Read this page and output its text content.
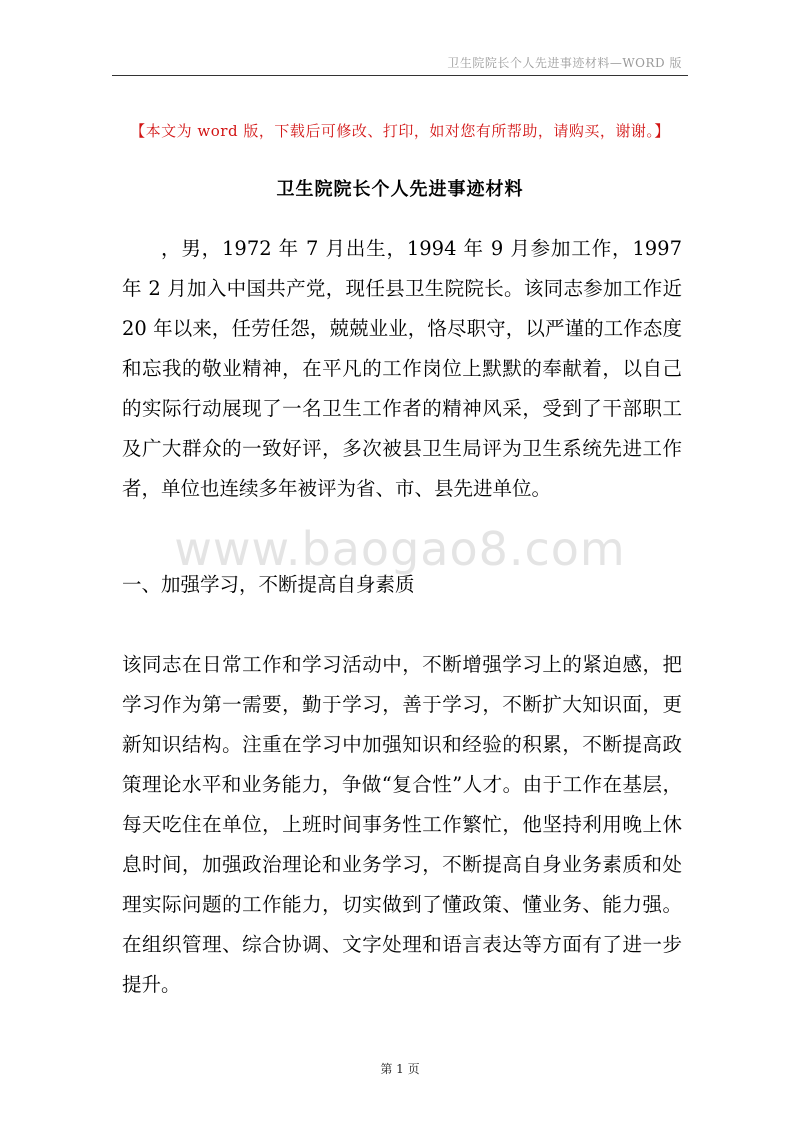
卫生院院长个人先进事迹材料—WORD 版
【本文为 word 版，下载后可修改、打印，如对您有所帮助，请购买，谢谢。】
卫生院院长个人先进事迹材料

，男，1972 年 7 月出生，1994 年 9 月参加工作，1997 年 2 月加入中国共产党，现任县卫生院院长。该同志参加工作近 20 年以来，任劳任怨，兢兢业业，恪尽职守，以严谨的工作态度和忘我的敬业精神，在平凡的工作岗位上默默的奉献着，以自己的实际行动展现了一名卫生工作者的精神风采，受到了干部职工及广大群众的一致好评，多次被县卫生局评为卫生系统先进工作者，单位也连续多年被评为省、市、县先进单位。

www.baogao8.com

一、加强学习，不断提高自身素质

该同志在日常工作和学习活动中，不断增强学习上的紧迫感，把学习作为第一需要，勤于学习，善于学习，不断扩大知识面，更新知识结构。注重在学习中加强知识和经验的积累，不断提高政策理论水平和业务能力，争做“复合性”人才。由于工作在基层，每天吃住在单位，上班时间事务性工作繁忙，他坚持利用晚上休息时间，加强政治理论和业务学习，不断提高自身业务素质和处理实际问题的工作能力，切实做到了懂政策、懂业务、能力强。在组织管理、综合协调、文字处理和语言表达等方面有了进一步提升。

第 1 页
